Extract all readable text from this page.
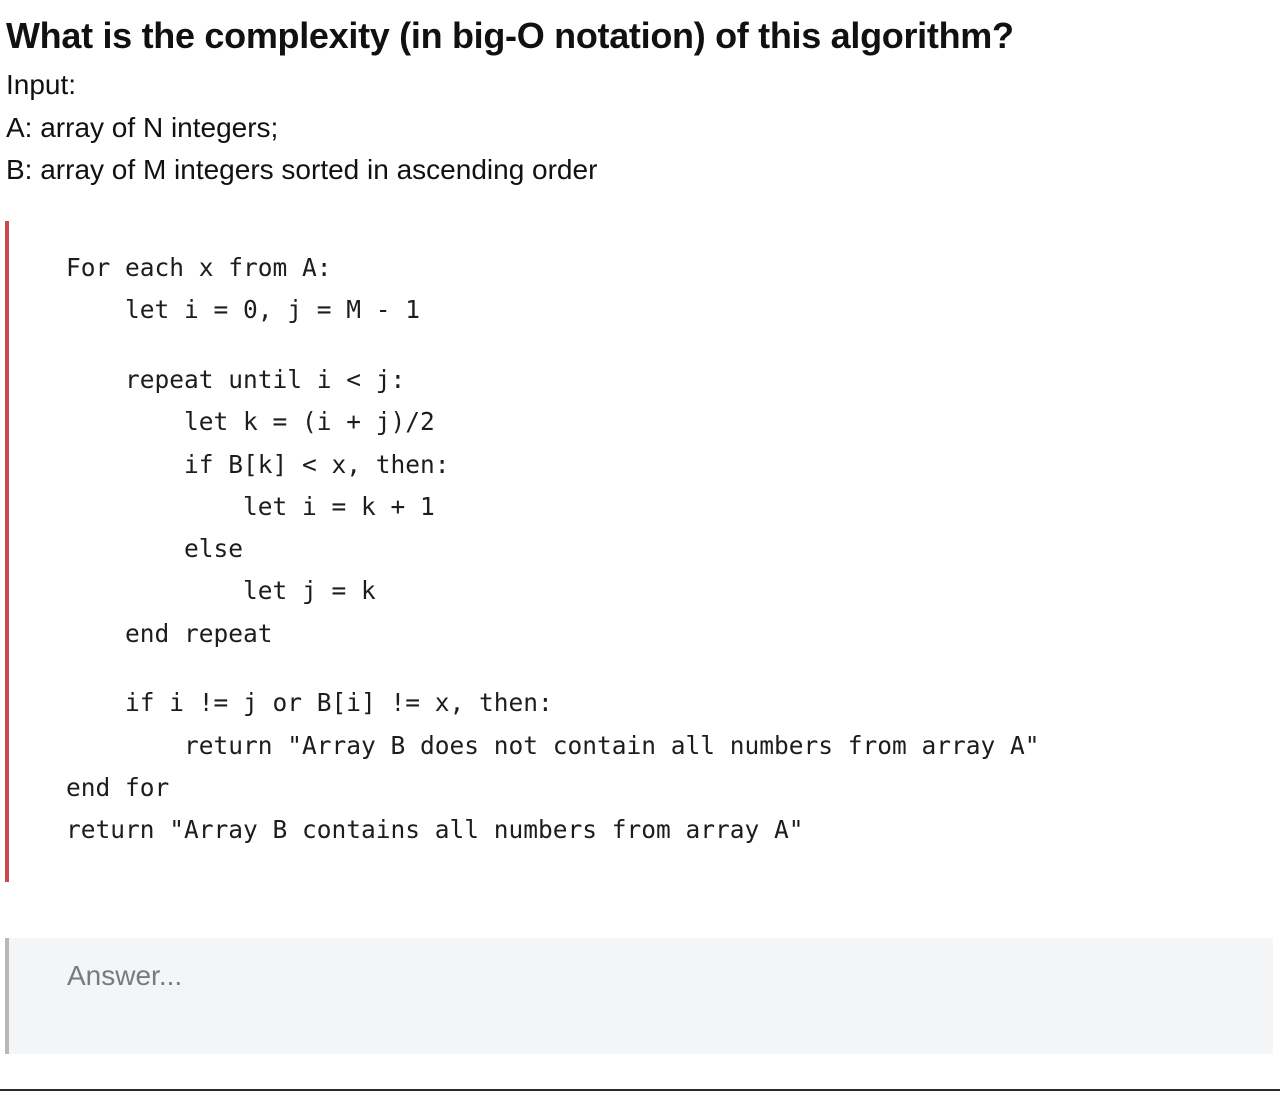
What is the complexity (in big-O notation) of this algorithm?
Input:
A: array of N integers;
B: array of M integers sorted in ascending order
For each x from A:
let i = 0, j = M - 1
repeat until i < j:
let k = (i + j)/2
if B[k] < x, then:
let i = k + 1
else
let j = k
end repeat
if i != j or B[i] != x, then:
return "Array B does not contain all numbers from array A"
end for
return "Array B contains all numbers from array A"
Answer...
